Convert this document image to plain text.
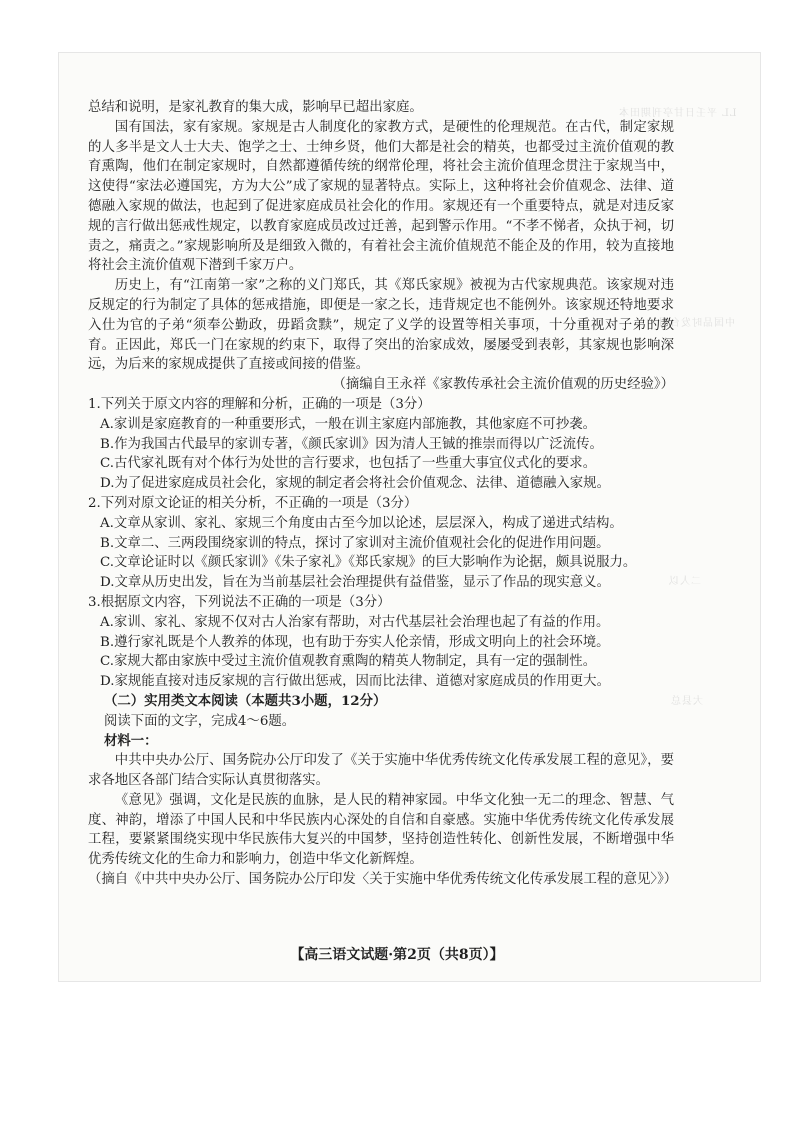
LL 平壬日甘亭刊期田本
中国品时发台团
二人以
大县总

总结和说明，是家礼教育的集大成，影响早已超出家庭。

国有国法，家有家规。家规是古人制度化的家教方式，是硬性的伦理规范。在古代，制定家规的人多半是文人士大夫、饱学之士、士绅乡贤，他们大都是社会的精英，也都受过主流价值观的教育熏陶，他们在制定家规时，自然都遵循传统的纲常伦理，将社会主流价值理念贯注于家规当中，这使得“家法必遵国宪，方为大公”成了家规的显著特点。实际上，这种将社会价值观念、法律、道德融入家规的做法，也起到了促进家庭成员社会化的作用。家规还有一个重要特点，就是对违反家规的言行做出惩戒性规定，以教育家庭成员改过迁善，起到警示作用。“不孝不悌者，众执于祠，切责之，痛责之。”家规影响所及是细致入微的，有着社会主流价值规范不能企及的作用，较为直接地将社会主流价值观下潜到千家万户。

历史上，有“江南第一家”之称的义门郑氏，其《郑氏家规》被视为古代家规典范。该家规对违反规定的行为制定了具体的惩戒措施，即便是一家之长，违背规定也不能例外。该家规还特地要求入仕为官的子弟“须奉公勤政，毋蹈贪黩”，规定了义学的设置等相关事项，十分重视对子弟的教育。正因此，郑氏一门在家规的约束下，取得了突出的治家成效，屡屡受到表彰，其家规也影响深远，为后来的家规成提供了直接或间接的借鉴。

（摘编自王永祥《家教传承社会主流价值观的历史经验》）

1.下列关于原文内容的理解和分析，正确的一项是（3分）

A.家训是家庭教育的一种重要形式，一般在训主家庭内部施教，其他家庭不可抄袭。

B.作为我国古代最早的家训专著，《颜氏家训》因为清人王铖的推崇而得以广泛流传。

C.古代家礼既有对个体行为处世的言行要求，也包括了一些重大事宜仪式化的要求。

D.为了促进家庭成员社会化，家规的制定者会将社会价值观念、法律、道德融入家规。

2.下列对原文论证的相关分析，不正确的一项是（3分）

A.文章从家训、家礼、家规三个角度由古至今加以论述，层层深入，构成了递进式结构。

B.文章二、三两段围绕家训的特点，探讨了家训对主流价值观社会化的促进作用问题。

C.文章论证时以《颜氏家训》《朱子家礼》《郑氏家规》的巨大影响作为论据，颇具说服力。

D.文章从历史出发，旨在为当前基层社会治理提供有益借鉴，显示了作品的现实意义。

3.根据原文内容，下列说法不正确的一项是（3分）

A.家训、家礼、家规不仅对古人治家有帮助，对古代基层社会治理也起了有益的作用。

B.遵行家礼既是个人教养的体现，也有助于夯实人伦亲情，形成文明向上的社会环境。

C.家规大都由家族中受过主流价值观教育熏陶的精英人物制定，具有一定的强制性。

D.家规能直接对违反家规的言行做出惩戒，因而比法律、道德对家庭成员的作用更大。

（二）实用类文本阅读（本题共3小题，12分）

阅读下面的文字，完成4～6题。

材料一：

中共中央办公厅、国务院办公厅印发了《关于实施中华优秀传统文化传承发展工程的意见》，要求各地区各部门结合实际认真贯彻落实。

《意见》强调，文化是民族的血脉，是人民的精神家园。中华文化独一无二的理念、智慧、气度、神韵，增添了中国人民和中华民族内心深处的自信和自豪感。实施中华优秀传统文化传承发展工程，要紧紧围绕实现中华民族伟大复兴的中国梦，坚持创造性转化、创新性发展，不断增强中华优秀传统文化的生命力和影响力，创造中华文化新辉煌。

（摘自《中共中央办公厅、国务院办公厅印发〈关于实施中华优秀传统文化传承发展工程的意见〉》）

【高三语文试题·第2页（共8页）】
